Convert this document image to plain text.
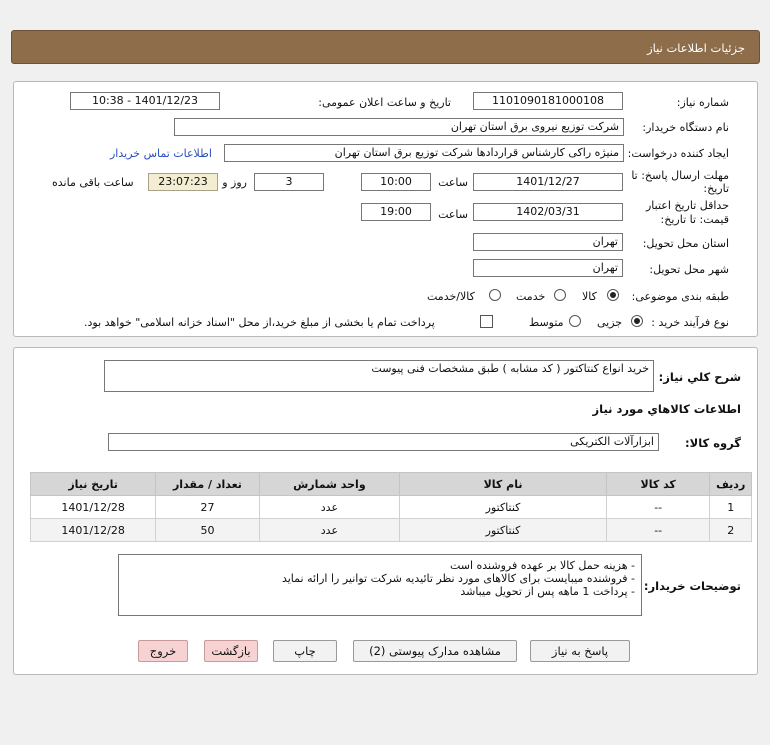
جزئیات اطلاعات نیاز
شماره نیاز:
1101090181000108
تاریخ و ساعت اعلان عمومی:
1401/12/23 - 10:38
نام دستگاه خریدار:
شرکت توزیع نیروی برق استان تهران
ایجاد کننده درخواست:
منیژه راکی کارشناس قراردادها شرکت توزیع برق استان تهران
اطلاعات تماس خریدار
مهلت ارسال پاسخ: تا
تاریخ:
1401/12/27
ساعت
10:00
3
روز و
23:07:23
ساعت باقی مانده
حداقل تاریخ اعتبار
قیمت: تا تاریخ:
1402/03/31
ساعت
19:00
استان محل تحویل:
تهران
شهر محل تحویل:
تهران
طبقه بندی موضوعی:
کالا
خدمت
کالا/خدمت
نوع فرآیند خرید :
جزیی
متوسط
پرداخت تمام یا بخشی از مبلغ خرید،از محل "اسناد خزانه اسلامی" خواهد بود.
شرح کلي نياز:
خرید انواع کنتاکتور ( کد مشابه ) طبق مشخصات فنی پیوست
اطلاعات کالاهاي مورد نياز
گروه کالا:
ابزارآلات الکتریکی
ردیف	کد کالا	نام کالا	واحد شمارش	تعداد / مقدار	تاریخ نیاز
1	--	کنتاکتور	عدد	27	1401/12/28
2	--	کنتاکتور	عدد	50	1401/12/28
توضیحات خریدار:
- هزینه حمل کالا بر عهده فروشنده است
- فروشنده میبایست برای کالاهای مورد نظر تائیدیه شرکت توانیر را ارائه نماید
- پرداخت 1 ماهه پس از تحویل میباشد
پاسخ به نیاز
مشاهده مدارک پیوستی (2)
چاپ
بازگشت
خروج
